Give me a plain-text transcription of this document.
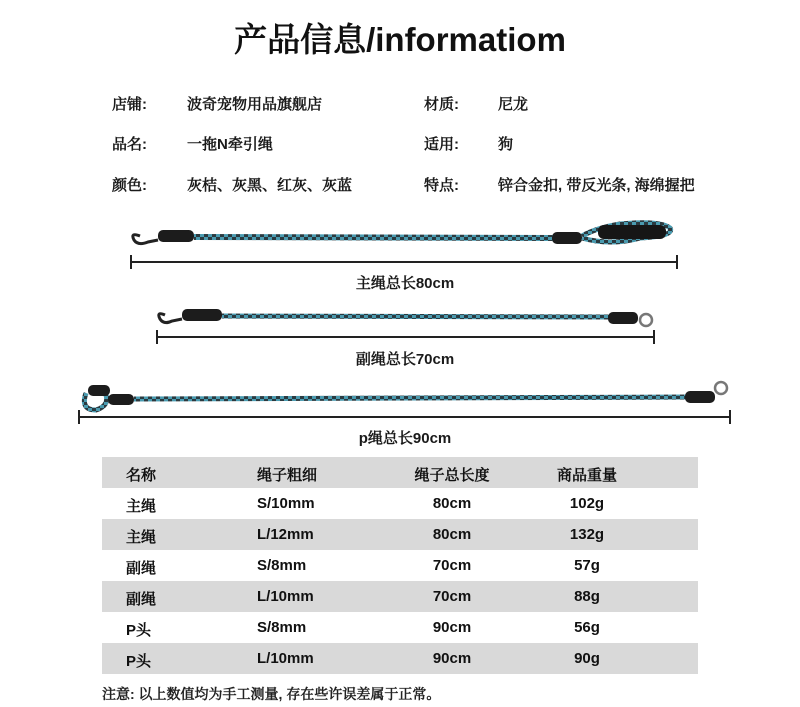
产品信息/informatiom
店铺:	波奇宠物用品旗舰店	材质:	尼龙
品名:	一拖N牵引绳	适用:	狗
颜色:	灰桔、灰黑、红灰、灰蓝	特点:	锌合金扣, 带反光条, 海绵握把
主绳总长80cm
副绳总长70cm
p绳总长90cm
名称	绳子粗细	绳子总长度	商品重量
主绳	S/10mm	80cm	102g
主绳	L/12mm	80cm	132g
副绳	S/8mm	70cm	57g
副绳	L/10mm	70cm	88g
P头	S/8mm	90cm	56g
P头	L/10mm	90cm	90g
注意: 以上数值均为手工测量, 存在些许误差属于正常。
